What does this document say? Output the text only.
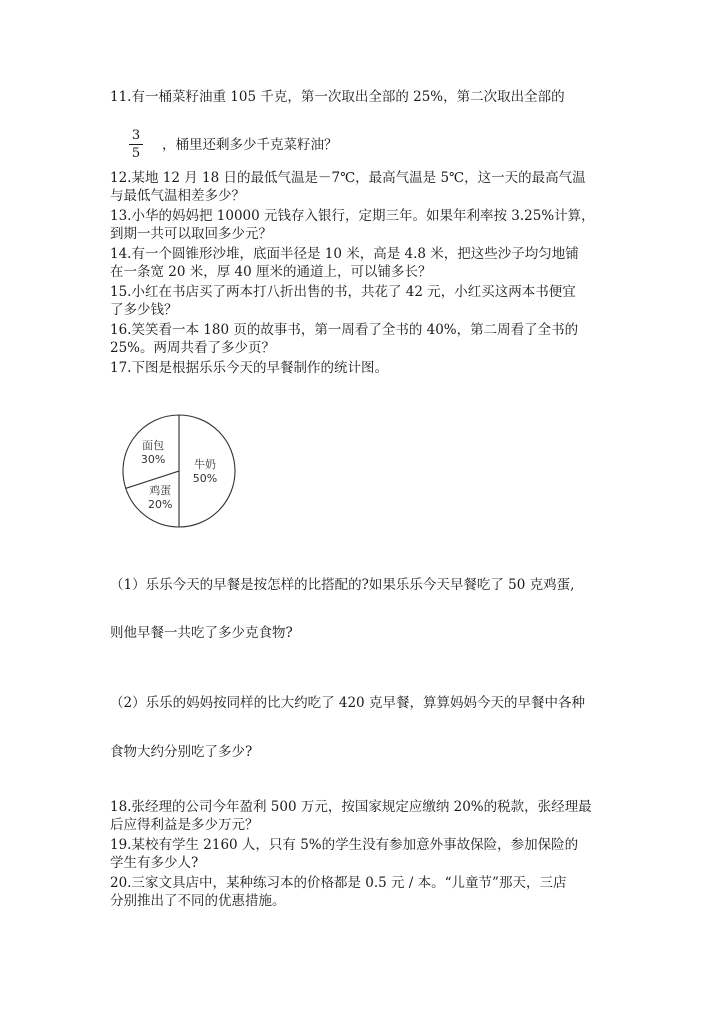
11.有一桶菜籽油重 105 千克，第一次取出全部的 25%，第二次取出全部的
3
5
，桶里还剩多少千克菜籽油？
12.某地 12 月 18 日的最低气温是－7℃，最高气温是 5℃，这一天的最高气温
与最低气温相差多少？
13.小华的妈妈把 10000 元钱存入银行，定期三年。如果年利率按 3.25%计算，
到期一共可以取回多少元？
14.有一个圆锥形沙堆，底面半径是 10 米，高是 4.8 米，把这些沙子均匀地铺
在一条宽 20 米，厚 40 厘米的通道上，可以铺多长？
15.小红在书店买了两本打八折出售的书，共花了 42 元，小红买这两本书便宜
了多少钱？
16.笑笑看一本 180 页的故事书，第一周看了全书的 40%，第二周看了全书的
25%。两周共看了多少页？
17.下图是根据乐乐今天的早餐制作的统计图。
牛奶
50%
鸡蛋
20%
面包
30%
（1）乐乐今天的早餐是按怎样的比搭配的?如果乐乐今天早餐吃了 50 克鸡蛋,
则他早餐一共吃了多少克食物?
（2）乐乐的妈妈按同样的比大约吃了 420 克早餐，算算妈妈今天的早餐中各种
食物大约分别吃了多少?
18.张经理的公司今年盈利 500 万元，按国家规定应缴纳 20%的税款，张经理最
后应得利益是多少万元？
19.某校有学生 2160 人，只有 5%的学生没有参加意外事故保险，参加保险的
学生有多少人?
20.三家文具店中，某种练习本的价格都是 0.5 元 / 本。“儿童节”那天，三店
分别推出了不同的优惠措施。
